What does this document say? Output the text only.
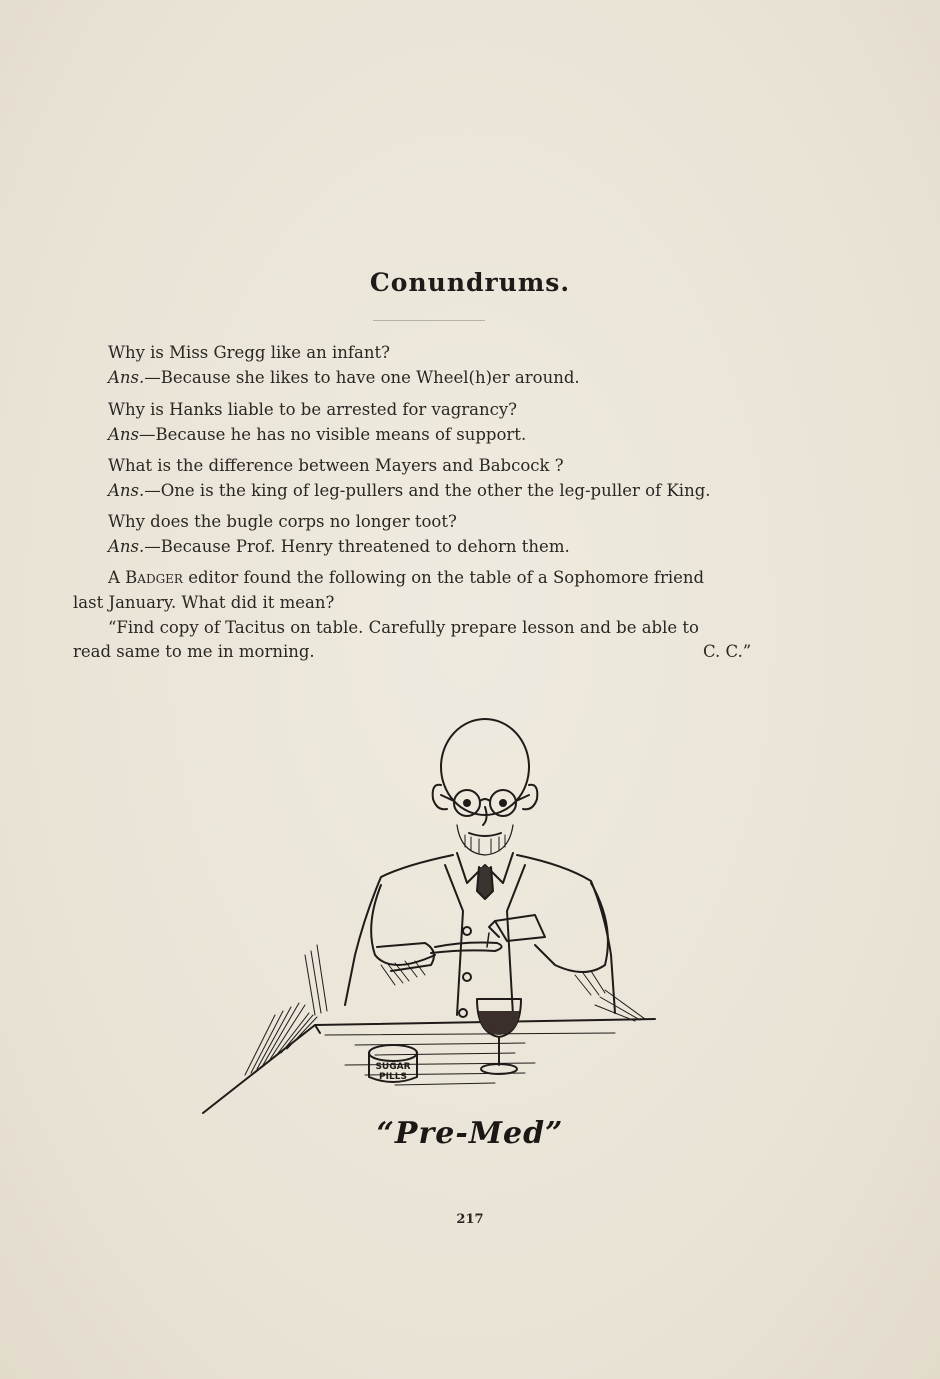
Conundrums.
Why is Miss Gregg like an infant?
Ans.—Because she likes to have one Wheel(h)er around.
Why is Hanks liable to be arrested for vagrancy?
Ans—Because he has no visible means of support.
What is the difference between Mayers and Babcock ?
Ans.—One is the king of leg-pullers and the other the leg-puller of King.
Why does the bugle corps no longer toot?
Ans.—Because Prof. Henry threatened to dehorn them.
A Badger editor found the following on the table of a Sophomore friend
last January. What did it mean?
“Find copy of Tacitus on table. Carefully prepare lesson and be able to
read same to me in morning.	C. C.”
SUGAR
PILLS
“Pre-Med”
217
